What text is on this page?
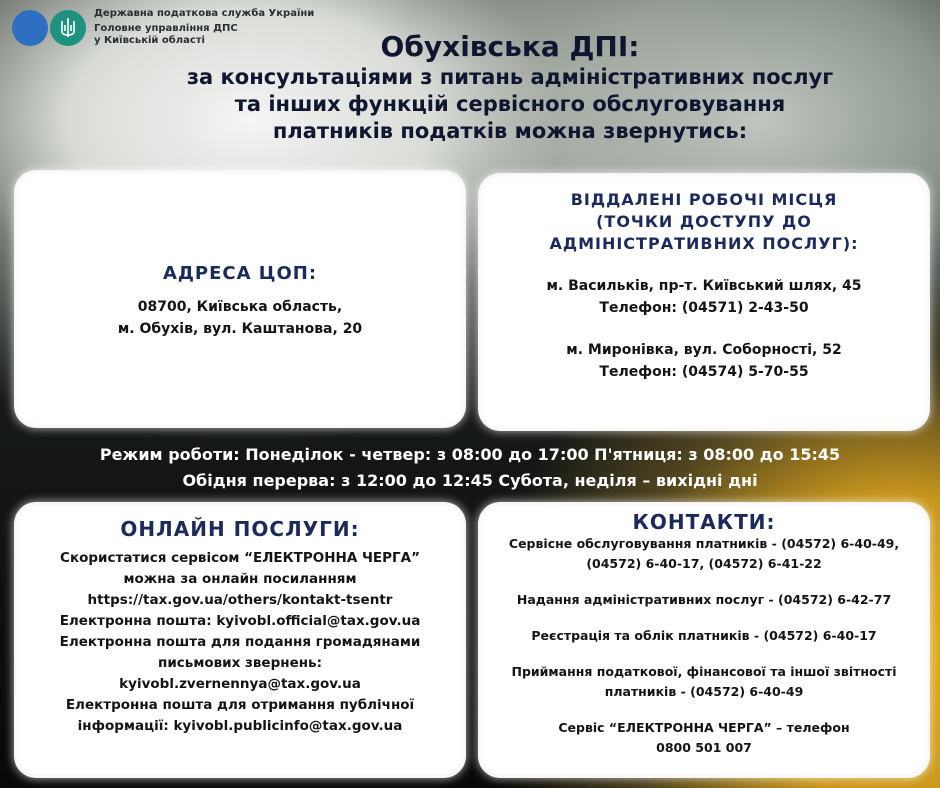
Державна податкова служба України
Головне управління ДПС
у Київській області	Обухівська ДПІ:
за консультаціями з питань адміністративних послуг
та інших функцій сервісного обслуговування
платників податків можна звернутись:
АДРЕСА ЦОП:
08700, Київська область,
м. Обухів, вул. Каштанова, 20
ВІДДАЛЕНІ РОБОЧІ МІСЦЯ
(ТОЧКИ ДОСТУПУ ДО
АДМІНІСТРАТИВНИХ ПОСЛУГ):
м. Васильків, пр-т. Київський шлях, 45
Телефон: (04571) 2-43-50
м. Миронівка, вул. Соборності, 52
Телефон: (04574) 5-70-55
Режим роботи: Понеділок - четвер: з 08:00 до 17:00 П'ятниця: з 08:00 до 15:45
Обідня перерва: з 12:00 до 12:45 Субота, неділя – вихідні дні
ОНЛАЙН ПОСЛУГИ:
Скористатися сервісом “ЕЛЕКТРОННА ЧЕРГА”
можна за онлайн посиланням
https://tax.gov.ua/others/kontakt-tsentr
Електронна пошта: kyivobl.official@tax.gov.ua
Електронна пошта для подання громадянами
письмових звернень:
kyivobl.zvernennya@tax.gov.ua
Електронна пошта для отримання публічної
інформації: kyivobl.publicinfo@tax.gov.ua
КОНТАКТИ:
Сервісне обслуговування платників - (04572) 6-40-49,
(04572) 6-40-17, (04572) 6-41-22
Надання адміністративних послуг - (04572) 6-42-77
Реєстрація та облік платників - (04572) 6-40-17
Приймання податкової, фінансової та іншої звітності
платників - (04572) 6-40-49
Сервіс “ЕЛЕКТРОННА ЧЕРГА” – телефон
0800 501 007
